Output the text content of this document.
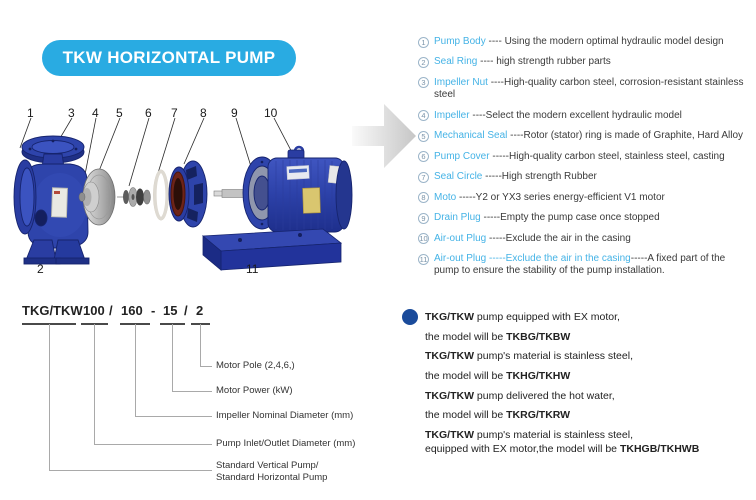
TKW HORIZONTAL PUMP
1	3 4 5 6 7 8 9 10
2	11
1 Pump Body ---- Using the modern optimal hydraulic model design
2 Seal Ring ---- high strength rubber parts
3 Impeller Nut ----High-quality carbon steel, corrosion-resistant stainless steel
4 Impeller ----Select the modern excellent hydraulic model
5 Mechanical Seal ----Rotor (stator) ring is made of Graphite, Hard Alloy
6 Pump Cover -----High-quality carbon steel, stainless steel, casting
7 Seal Circle -----High strength Rubber
8 Moto -----Y2 or YX3 series energy-efficient V1 motor
9 Drain Plug -----Empty the pump case once stopped
10 Air-out Plug -----Exclude the air in the casing
11 Air-out Plug -----Exclude the air in the casing-----A fixed part of the pump to ensure the stability of the pump installation.
TKG/TKW 100 / 160 - 15 / 2
Motor Pole (2,4,6,)
Motor Power (kW)
Impeller Nominal Diameter (mm)
Pump Inlet/Outlet Diameter (mm)
Standard Vertical Pump/
Standard Horizontal Pump
TKG/TKW pump equipped with EX motor,
the model will be TKBG/TKBW
TKG/TKW pump's material is stainless steel,
the model will be TKHG/TKHW
TKG/TKW pump delivered the hot water,
the model will be TKRG/TKRW
TKG/TKW pump's material is stainless steel,
equipped with EX motor,the model will be TKHGB/TKHWB
